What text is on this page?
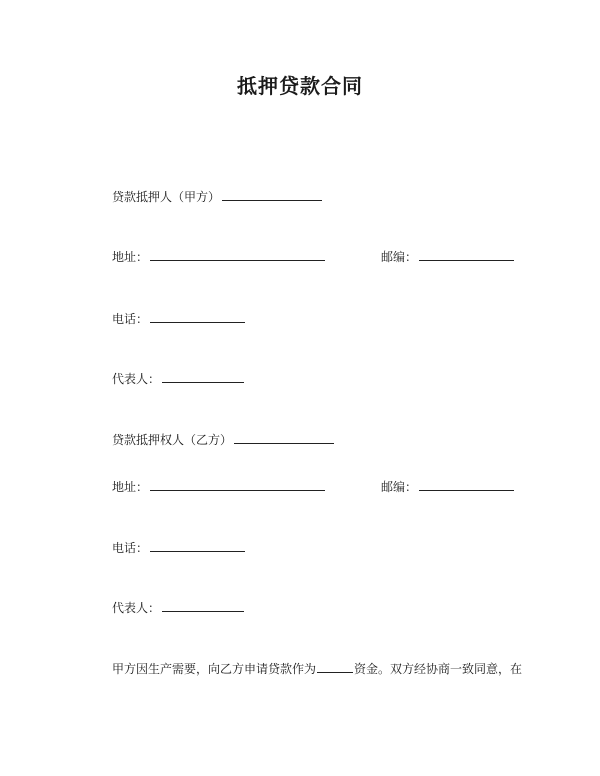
抵押贷款合同
贷款抵押人（甲方）
地址：	邮编：
电话：
代表人：
贷款抵押权人（乙方）
地址：	邮编：
电话：
代表人：
甲方因生产需要，向乙方申请贷款作为	资金。双方经协商一致同意，在
